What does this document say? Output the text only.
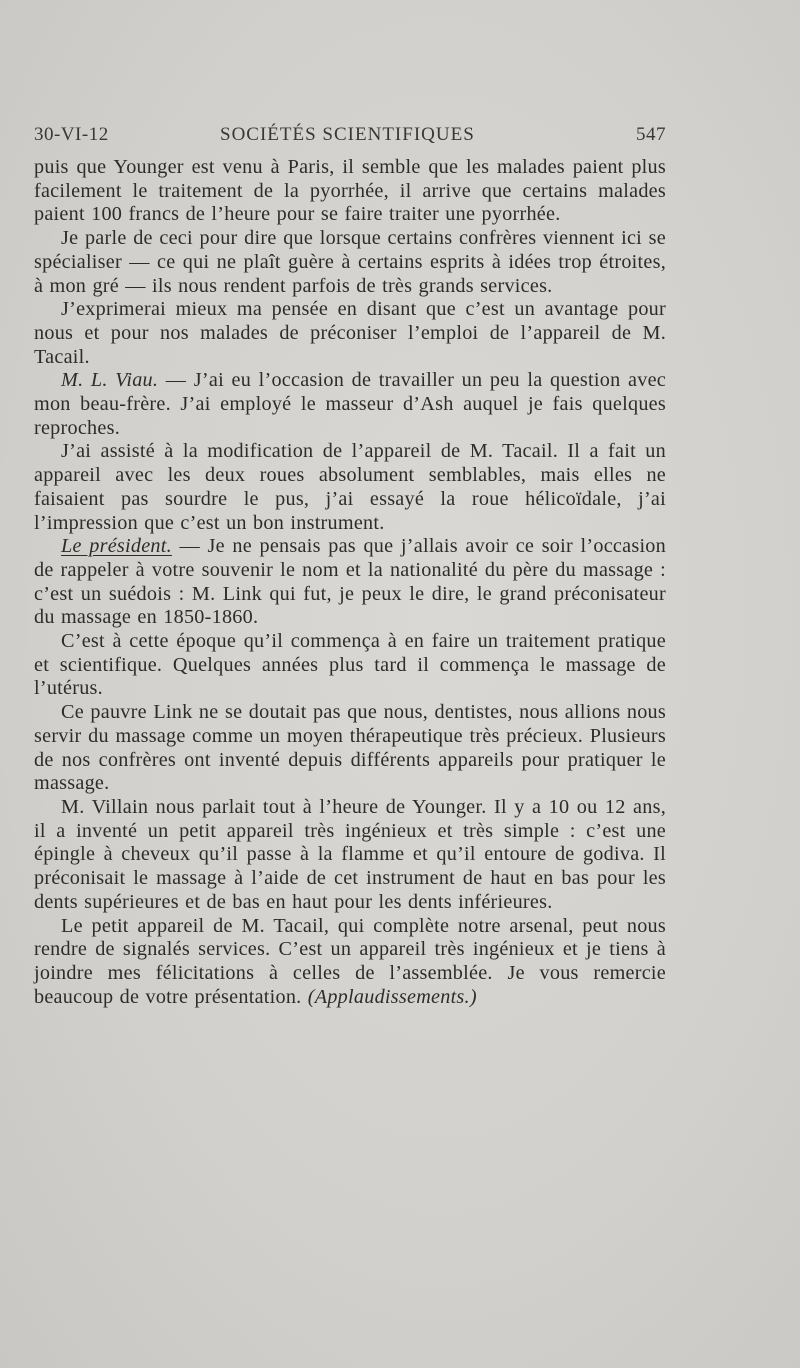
30-VI-12	SOCIÉTÉS SCIENTIFIQUES	547

puis que Younger est venu à Paris, il semble que les malades paient plus facilement le traitement de la pyorrhée, il arrive que certains malades paient 100 francs de l’heure pour se faire traiter une pyorrhée.

Je parle de ceci pour dire que lorsque certains confrères viennent ici se spécialiser — ce qui ne plaît guère à certains esprits à idées trop étroites, à mon gré — ils nous rendent parfois de très grands services.

J’exprimerai mieux ma pensée en disant que c’est un avantage pour nous et pour nos malades de préconiser l’emploi de l’appareil de M. Tacail.

M. L. Viau. — J’ai eu l’occasion de travailler un peu la question avec mon beau-frère. J’ai employé le masseur d’Ash auquel je fais quelques reproches.

J’ai assisté à la modification de l’appareil de M. Tacail. Il a fait un appareil avec les deux roues absolument semblables, mais elles ne faisaient pas sourdre le pus, j’ai essayé la roue hélicoïdale, j’ai l’impression que c’est un bon instrument.

Le président. — Je ne pensais pas que j’allais avoir ce soir l’occasion de rappeler à votre souvenir le nom et la nationalité du père du massage : c’est un suédois : M. Link qui fut, je peux le dire, le grand préconisateur du massage en 1850-1860.

C’est à cette époque qu’il commença à en faire un traitement pratique et scientifique. Quelques années plus tard il commença le massage de l’utérus.

Ce pauvre Link ne se doutait pas que nous, dentistes, nous allions nous servir du massage comme un moyen thérapeutique très précieux. Plusieurs de nos confrères ont inventé depuis différents appareils pour pratiquer le massage.

M. Villain nous parlait tout à l’heure de Younger. Il y a 10 ou 12 ans, il a inventé un petit appareil très ingénieux et très simple : c’est une épingle à cheveux qu’il passe à la flamme et qu’il entoure de godiva. Il préconisait le massage à l’aide de cet instrument de haut en bas pour les dents supérieures et de bas en haut pour les dents inférieures.

Le petit appareil de M. Tacail, qui complète notre arsenal, peut nous rendre de signalés services. C’est un appareil très ingénieux et je tiens à joindre mes félicitations à celles de l’assemblée. Je vous remercie beaucoup de votre présentation. (Applaudissements.)
